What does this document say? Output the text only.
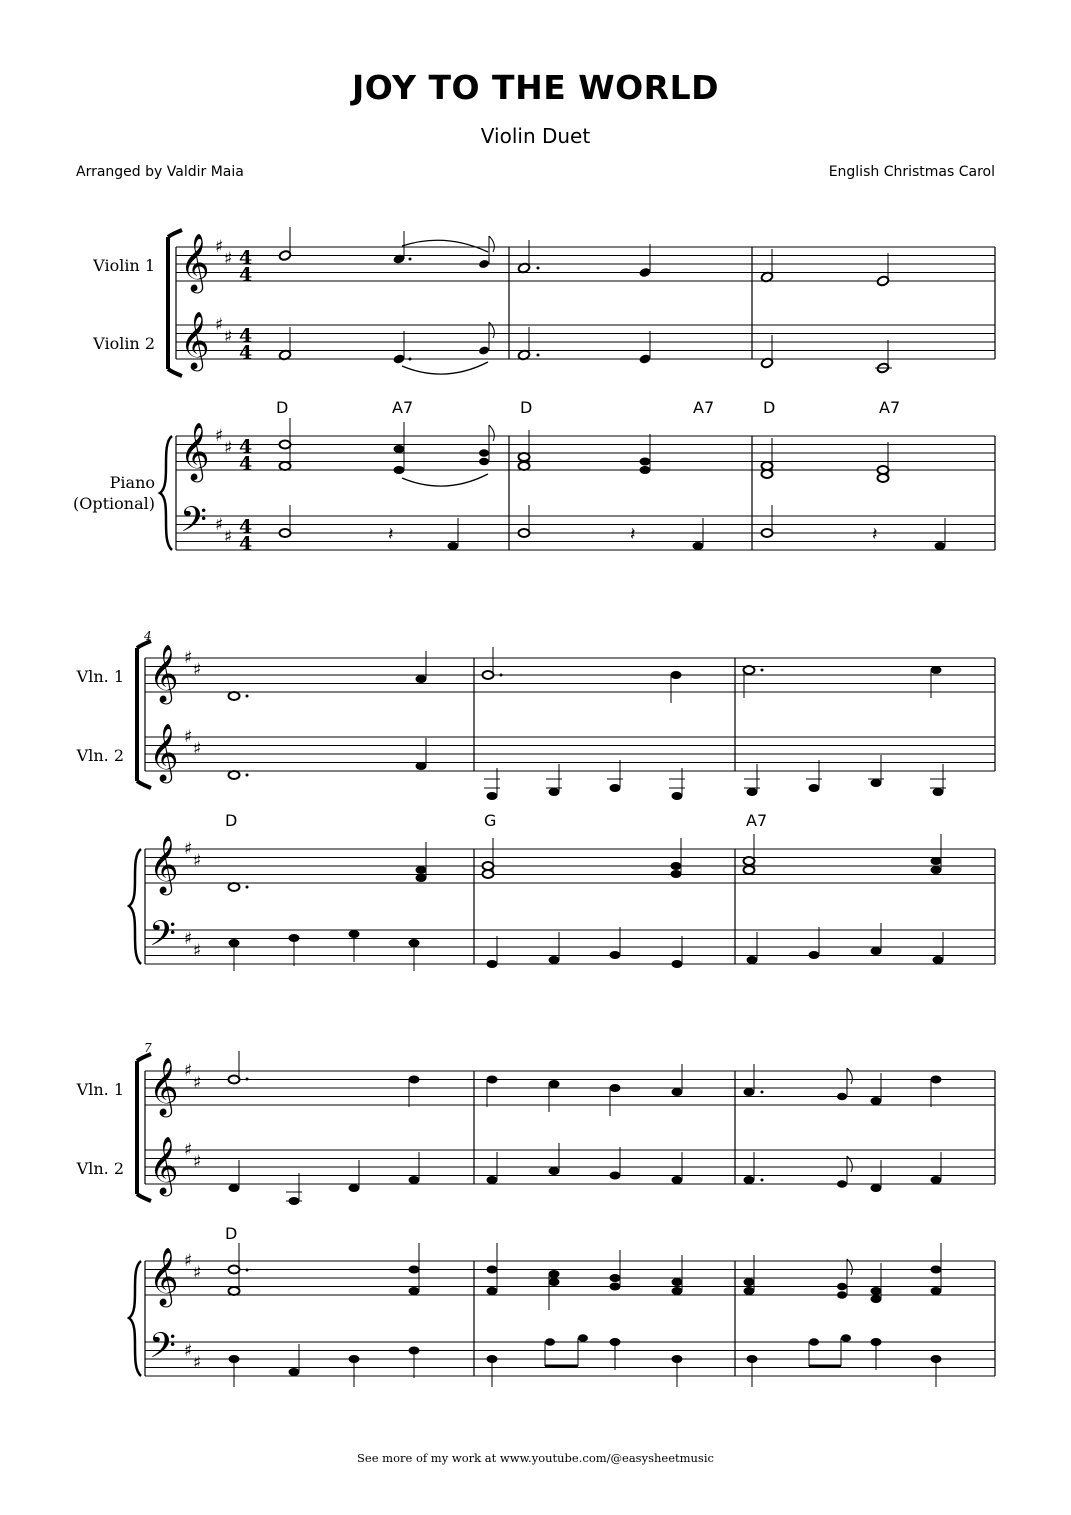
JOY TO THE WORLD
Violin Duet
Arranged by Valdir Maia	English Christmas Carol
Violin 1
Violin 2
Piano
(Optional)
𝄞
𝄞
𝄞
𝄢
♯
♯
♯
♯
♯
♯
♯
♯
4
4
4
4
4
4
4
4
D	A7	D	A7	D	A7
𝄽	𝄽	𝄽
4
Vln. 1
Vln. 2
𝄞
𝄞
𝄞
𝄢
♯
♯
♯
♯
♯
♯
♯
♯
D	G	A7
7
Vln. 1
Vln. 2
𝄞
𝄞
𝄞
𝄢
♯
♯
♯
♯
♯
♯
♯
♯
D
See more of my work at www.youtube.com/@easysheetmusic
